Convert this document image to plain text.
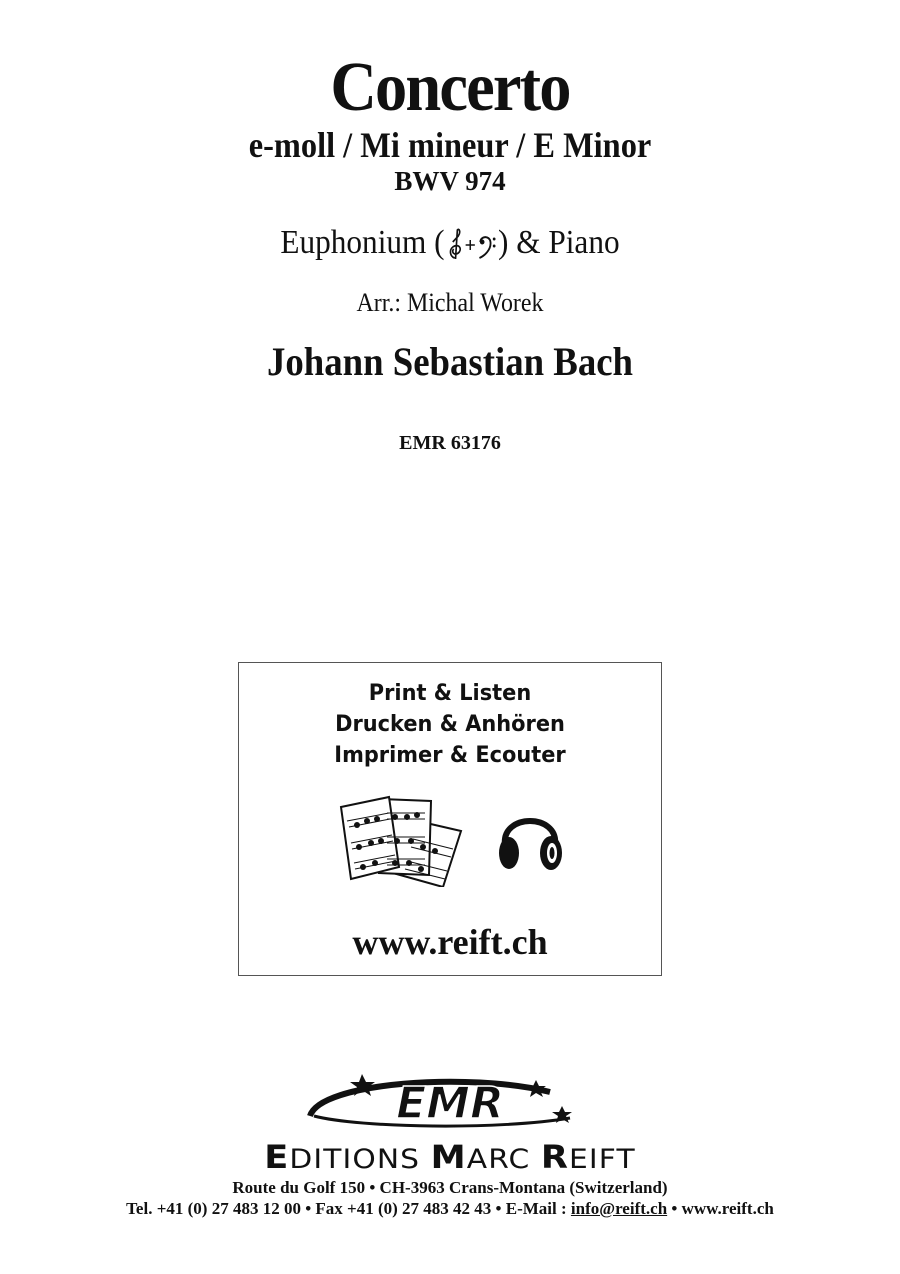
Concerto
e-moll / Mi mineur / E Minor
BWV 974
Euphonium ( ) & Piano
Arr.: Michal Worek
Johann Sebastian Bach
EMR 63176
Print & Listen
Drucken & Anhören
Imprimer & Ecouter
www.reift.ch
EMR
EDITIONS MARC REIFT
Route du Golf 150 • CH-3963 Crans-Montana (Switzerland)
Tel. +41 (0) 27 483 12 00 • Fax +41 (0) 27 483 42 43 • E-Mail : info@reift.ch • www.reift.ch
